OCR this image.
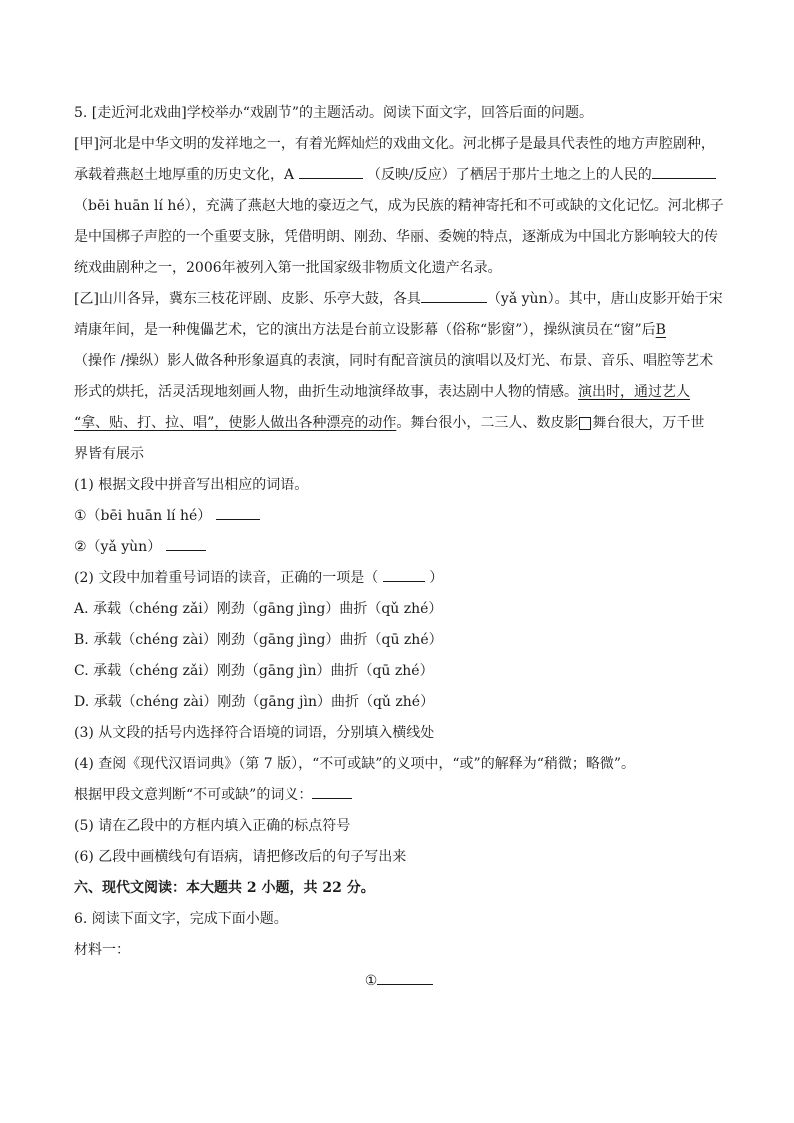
5. [走近河北戏曲]学校举办“戏剧节”的主题活动。阅读下面文字，回答后面的问题。
[甲]河北是中华文明的发祥地之一，有着光辉灿烂的戏曲文化。河北梆子是最具代表性的地方声腔剧种，
承载着燕赵土地厚重的历史文化，A	（反映/反应）了栖居于那片土地之上的人民的
（bēi huān lí hé），充满了燕赵大地的豪迈之气，成为民族的精神寄托和不可或缺的文化记忆。河北梆子
是中国梆子声腔的一个重要支脉，凭借明朗、刚劲、华丽、委婉的特点，逐渐成为中国北方影响较大的传
统戏曲剧种之一，2006年被列入第一批国家级非物质文化遗产名录。
[乙]山川各异，冀东三枝花评剧、皮影、乐亭大鼓，各具	（yǎ yùn）。其中，唐山皮影开始于宋
靖康年间，是一种傀儡艺术，它的演出方法是台前立设影幕（俗称“影窗”），操纵演员在“窗”后B
（操作 /操纵）影人做各种形象逼真的表演，同时有配音演员的演唱以及灯光、布景、音乐、唱腔等艺术
形式的烘托，活灵活现地刻画人物，曲折生动地演绎故事，表达剧中人物的情感。演出时，通过艺人
“拿、贴、打、拉、唱”，使影人做出各种漂亮的动作。舞台很小，二三人、数皮影 舞台很大，万千世
界皆有展示
(1) 根据文段中拼音写出相应的词语。
①（bēi huān lí hé）
②（yǎ yùn）
(2) 文段中加着重号词语的读音，正确的一项是（	）
A. 承载（chéng zǎi）刚劲（gāng jìng）曲折（qǔ zhé）
B. 承载（chéng zài）刚劲（gāng jìng）曲折（qū zhé）
C. 承载（chéng zǎi）刚劲（gāng jìn）曲折（qū zhé）
D. 承载（chéng zài）刚劲（gāng jìn）曲折（qǔ zhé）
(3) 从文段的括号内选择符合语境的词语，分别填入横线处
(4) 查阅《现代汉语词典》（第 7 版），“不可或缺”的义项中，“或”的解释为“稍微；略微”。
根据甲段文意判断“不可或缺”的词义：
(5) 请在乙段中的方框内填入正确的标点符号
(6) 乙段中画横线句有语病，请把修改后的句子写出来
六、现代文阅读：本大题共 2 小题，共 22 分。
6. 阅读下面文字，完成下面小题。
材料一：
①
